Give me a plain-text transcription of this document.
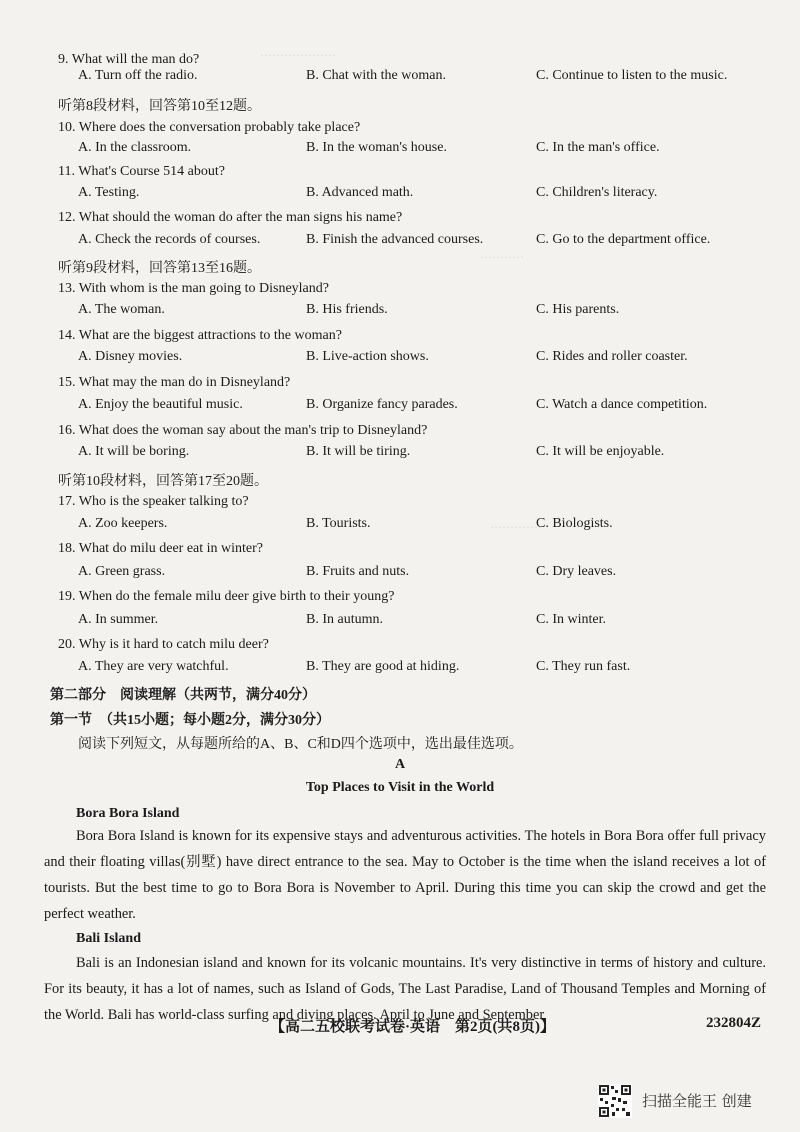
···················
···········
·············
9. What will the man do?
A. Turn off the radio.	B. Chat with the woman.	C. Continue to listen to the music.
听第8段材料，回答第10至12题。
10. Where does the conversation probably take place?
A. In the classroom.	B. In the woman's house.	C. In the man's office.
11. What's Course 514 about?
A. Testing.	B. Advanced math.	C. Children's literacy.
12. What should the woman do after the man signs his name?
A. Check the records of courses.	B. Finish the advanced courses.	C. Go to the department office.
听第9段材料，回答第13至16题。
13. With whom is the man going to Disneyland?
A. The woman.	B. His friends.	C. His parents.
14. What are the biggest attractions to the woman?
A. Disney movies.	B. Live-action shows.	C. Rides and roller coaster.
15. What may the man do in Disneyland?
A. Enjoy the beautiful music.	B. Organize fancy parades.	C. Watch a dance competition.
16. What does the woman say about the man's trip to Disneyland?
A. It will be boring.	B. It will be tiring.	C. It will be enjoyable.
听第10段材料，回答第17至20题。
17. Who is the speaker talking to?
A. Zoo keepers.	B. Tourists.	C. Biologists.
18. What do milu deer eat in winter?
A. Green grass.	B. Fruits and nuts.	C. Dry leaves.
19. When do the female milu deer give birth to their young?
A. In summer.	B. In autumn.	C. In winter.
20. Why is it hard to catch milu deer?
A. They are very watchful.	B. They are good at hiding.	C. They run fast.
第二部分　阅读理解（共两节，满分40分）
第一节　（共15小题；每小题2分，满分30分）
阅读下列短文，从每题所给的A、B、C和D四个选项中，选出最佳选项。
A
Top Places to Visit in the World
Bora Bora Island

Bora Bora Island is known for its expensive stays and adventurous activities. The hotels in Bora Bora offer full privacy and their floating villas(别墅) have direct entrance to the sea. May to October is the time when the island receives a lot of tourists. But the best time to go to Bora Bora is November to April. During this time you can skip the crowd and get the perfect weather.

Bali Island

Bali is an Indonesian island and known for its volcanic mountains. It's very distinctive in terms of history and culture. For its beauty, it has a lot of names, such as Island of Gods, The Last Paradise, Land of Thousand Temples and Morning of the World. Bali has world-class surfing and diving places. April to June and September

【高二五校联考试卷·英语　第2页(共8页)】	232804Z
扫描全能王 创建
